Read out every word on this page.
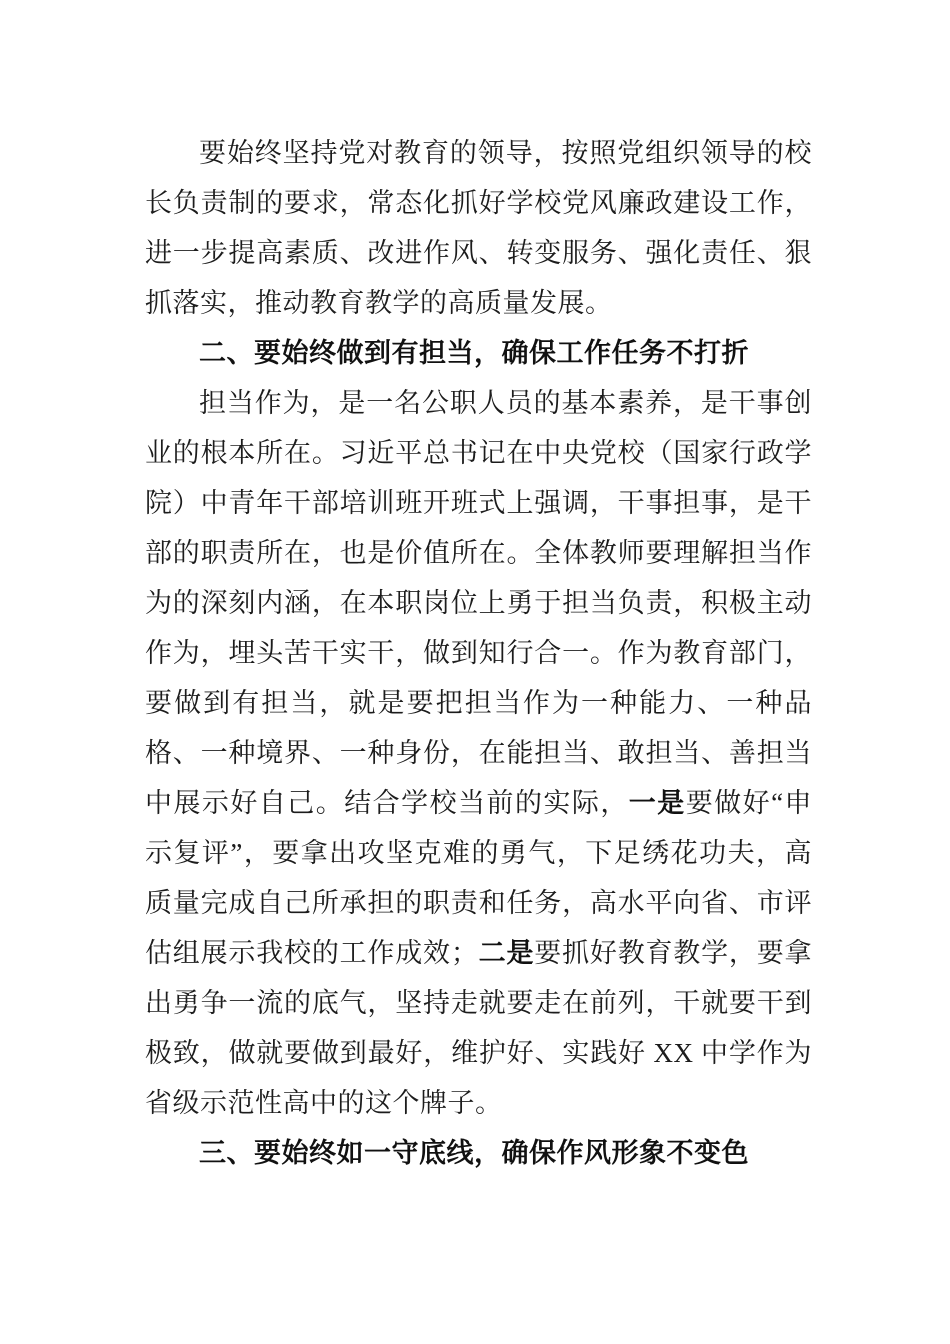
要始终坚持党对教育的领导，按照党组织领导的校长负责制的要求，常态化抓好学校党风廉政建设工作，进一步提高素质、改进作风、转变服务、强化责任、狠抓落实，推动教育教学的高质量发展。

二、要始终做到有担当，确保工作任务不打折

担当作为，是一名公职人员的基本素养，是干事创业的根本所在。习近平总书记在中央党校（国家行政学院）中青年干部培训班开班式上强调，干事担事，是干部的职责所在，也是价值所在。全体教师要理解担当作为的深刻内涵，在本职岗位上勇于担当负责，积极主动作为，埋头苦干实干，做到知行合一。作为教育部门，要做到有担当，就是要把担当作为一种能力、一种品格、一种境界、一种身份，在能担当、敢担当、善担当中展示好自己。结合学校当前的实际，一是要做好“申示复评”，要拿出攻坚克难的勇气，下足绣花功夫，高质量完成自己所承担的职责和任务，高水平向省、市评估组展示我校的工作成效；二是要抓好教育教学，要拿出勇争一流的底气，坚持走就要走在前列，干就要干到极致，做就要做到最好，维护好、实践好 XX 中学作为省级示范性高中的这个牌子。

三、要始终如一守底线，确保作风形象不变色
